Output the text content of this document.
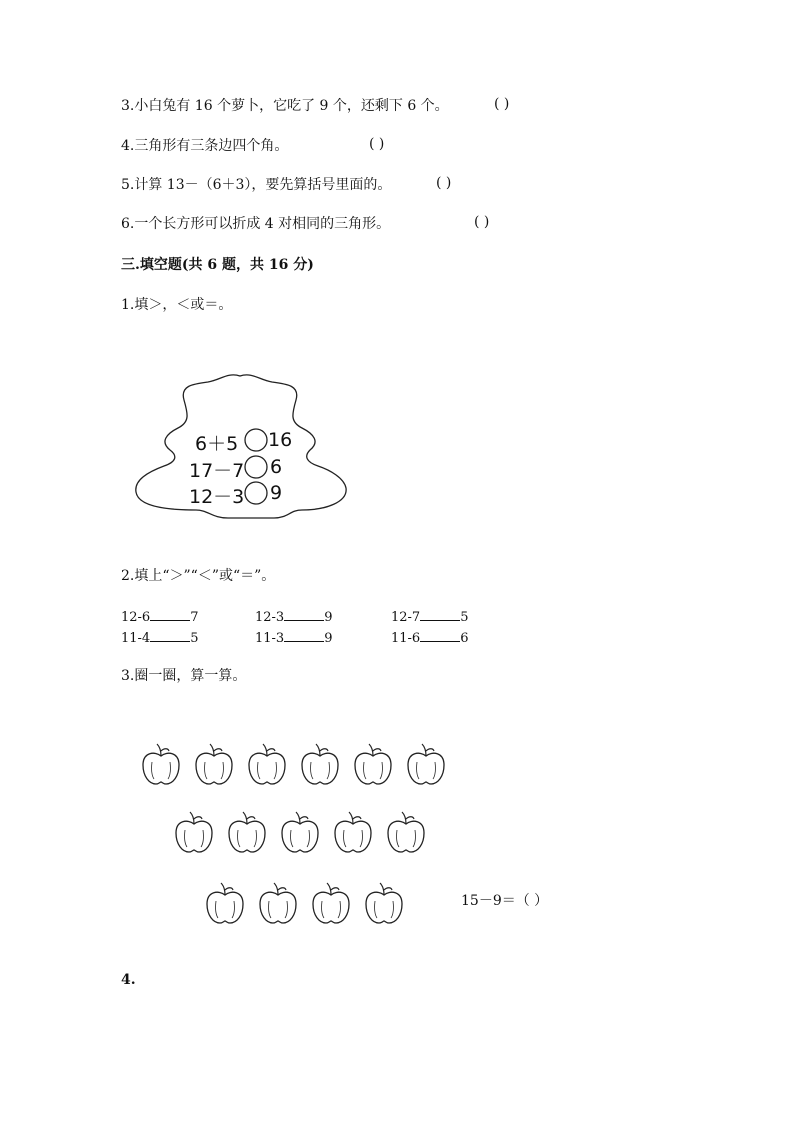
3.小白兔有 16 个萝卜，它吃了 9 个，还剩下 6 个。	( )
4.三角形有三条边四个角。	( )
5.计算 13－（6＋3），要先算括号里面的。	( )
6.一个长方形可以折成 4 对相同的三角形。	( )
三.填空题(共 6 题，共 16 分)
1.填＞，＜或＝。
6＋5 16
17－7 6
12－3 9
2.填上“＞”“＜”或“＝”。
12-6	7	12-3	9	12-7	5
11-4	5	11-3	9	11-6	6
3.圈一圈，算一算。
15－9＝（ ）
4.
